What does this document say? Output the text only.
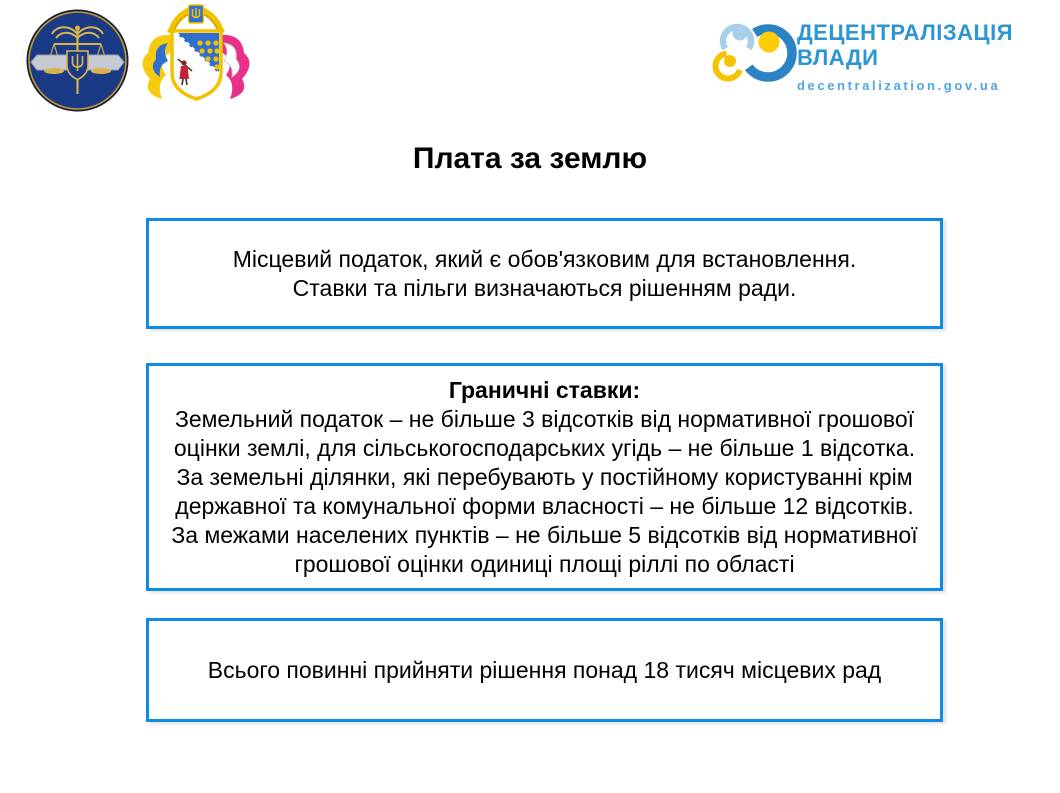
ДЕЦЕНТРАЛІЗАЦІЯ
ВЛАДИ
decentralization.gov.ua
Плата за землю
Місцевий податок, який є обов'язковим для встановлення.
Ставки та пільги визначаються рішенням ради.
Граничні ставки:
Земельний податок – не більше 3 відсотків від нормативної грошової
оцінки землі, для сільськогосподарських угідь – не більше 1 відсотка.
За земельні ділянки, які перебувають у постійному користуванні крім
державної та комунальної форми власності – не більше 12 відсотків.
За межами населених пунктів – не більше 5 відсотків від нормативної
грошової оцінки одиниці площі ріллі по області
Всього повинні прийняти рішення понад 18 тисяч місцевих рад
